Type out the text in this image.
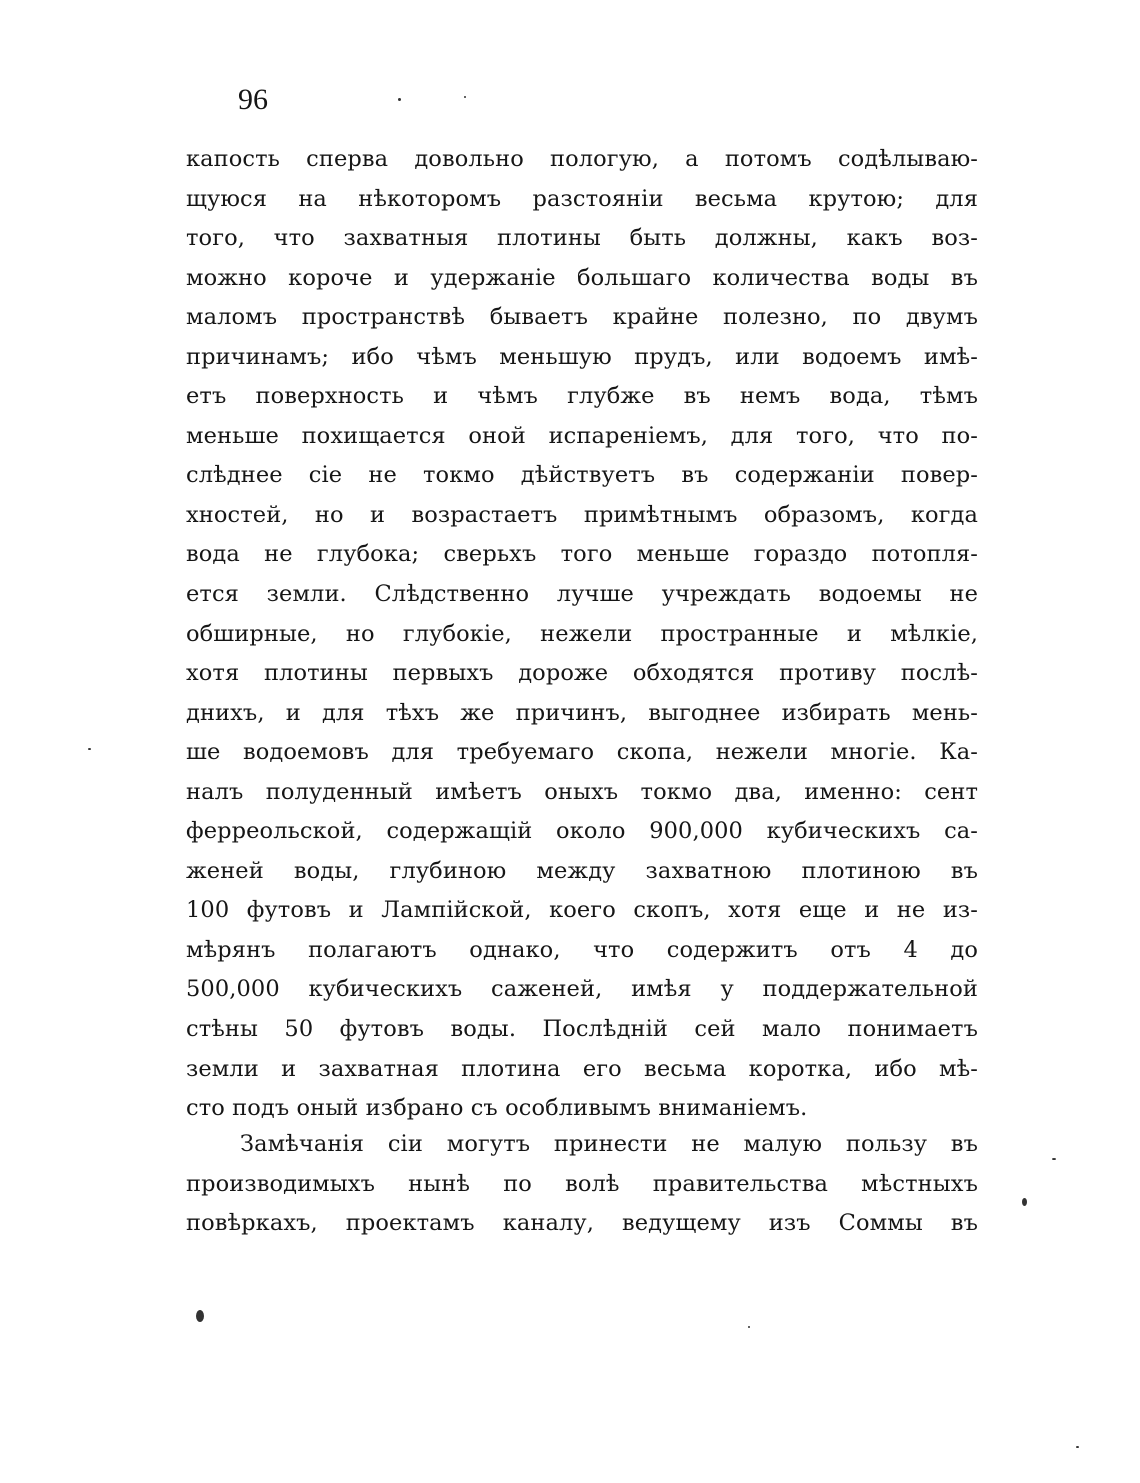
96

капость сперва довольно пологую, а потомъ содѣлываю-
щуюся на нѣкоторомъ разстояніи весьма крутою; для
того, что захватныя плотины быть должны, какъ воз-
можно короче и удержаніе большаго количества воды въ
маломъ пространствѣ бываетъ крайне полезно, по двумъ
причинамъ; ибо чѣмъ меньшую прудъ, или водоемъ имѣ-
етъ поверхность и чѣмъ глубже въ немъ вода, тѣмъ
меньше похищается оной испареніемъ, для того, что по-
слѣднее сіе не токмо дѣйствуетъ въ содержаніи повер-
хностей, но и возрастаетъ примѣтнымъ образомъ, когда
вода не глубока; сверьхъ того меньше гораздо потопля-
ется земли. Слѣдственно лучше учреждать водоемы не
обширные, но глубокіе, нежели пространные и мѣлкіе,
хотя плотины первыхъ дороже обходятся противу послѣ-
днихъ, и для тѣхъ же причинъ, выгоднее избирать мень-
ше водоемовъ для требуемаго скопа, нежели многіе. Ка-
налъ полуденный имѣетъ оныхъ токмо два, именно: сент
ферреольской, содержащій около 900,000 кубическихъ са-
женей воды, глубиною между захватною плотиною въ
100 футовъ и Лампійской, коего скопъ, хотя еще и не из-
мѣрянъ полагаютъ однако, что содержитъ отъ 4 до
500,000 кубическихъ саженей, имѣя у поддержательной
стѣны 50 футовъ воды. Послѣдній сей мало понимаетъ
земли и захватная плотина его весьма коротка, ибо мѣ-
сто подъ оный избрано съ особливымъ вниманіемъ.

Замѣчанія сіи могутъ принести не малую пользу въ
производимыхъ нынѣ по волѣ правительства мѣстныхъ
повѣркахъ, проектамъ каналу, ведущему изъ Соммы въ
